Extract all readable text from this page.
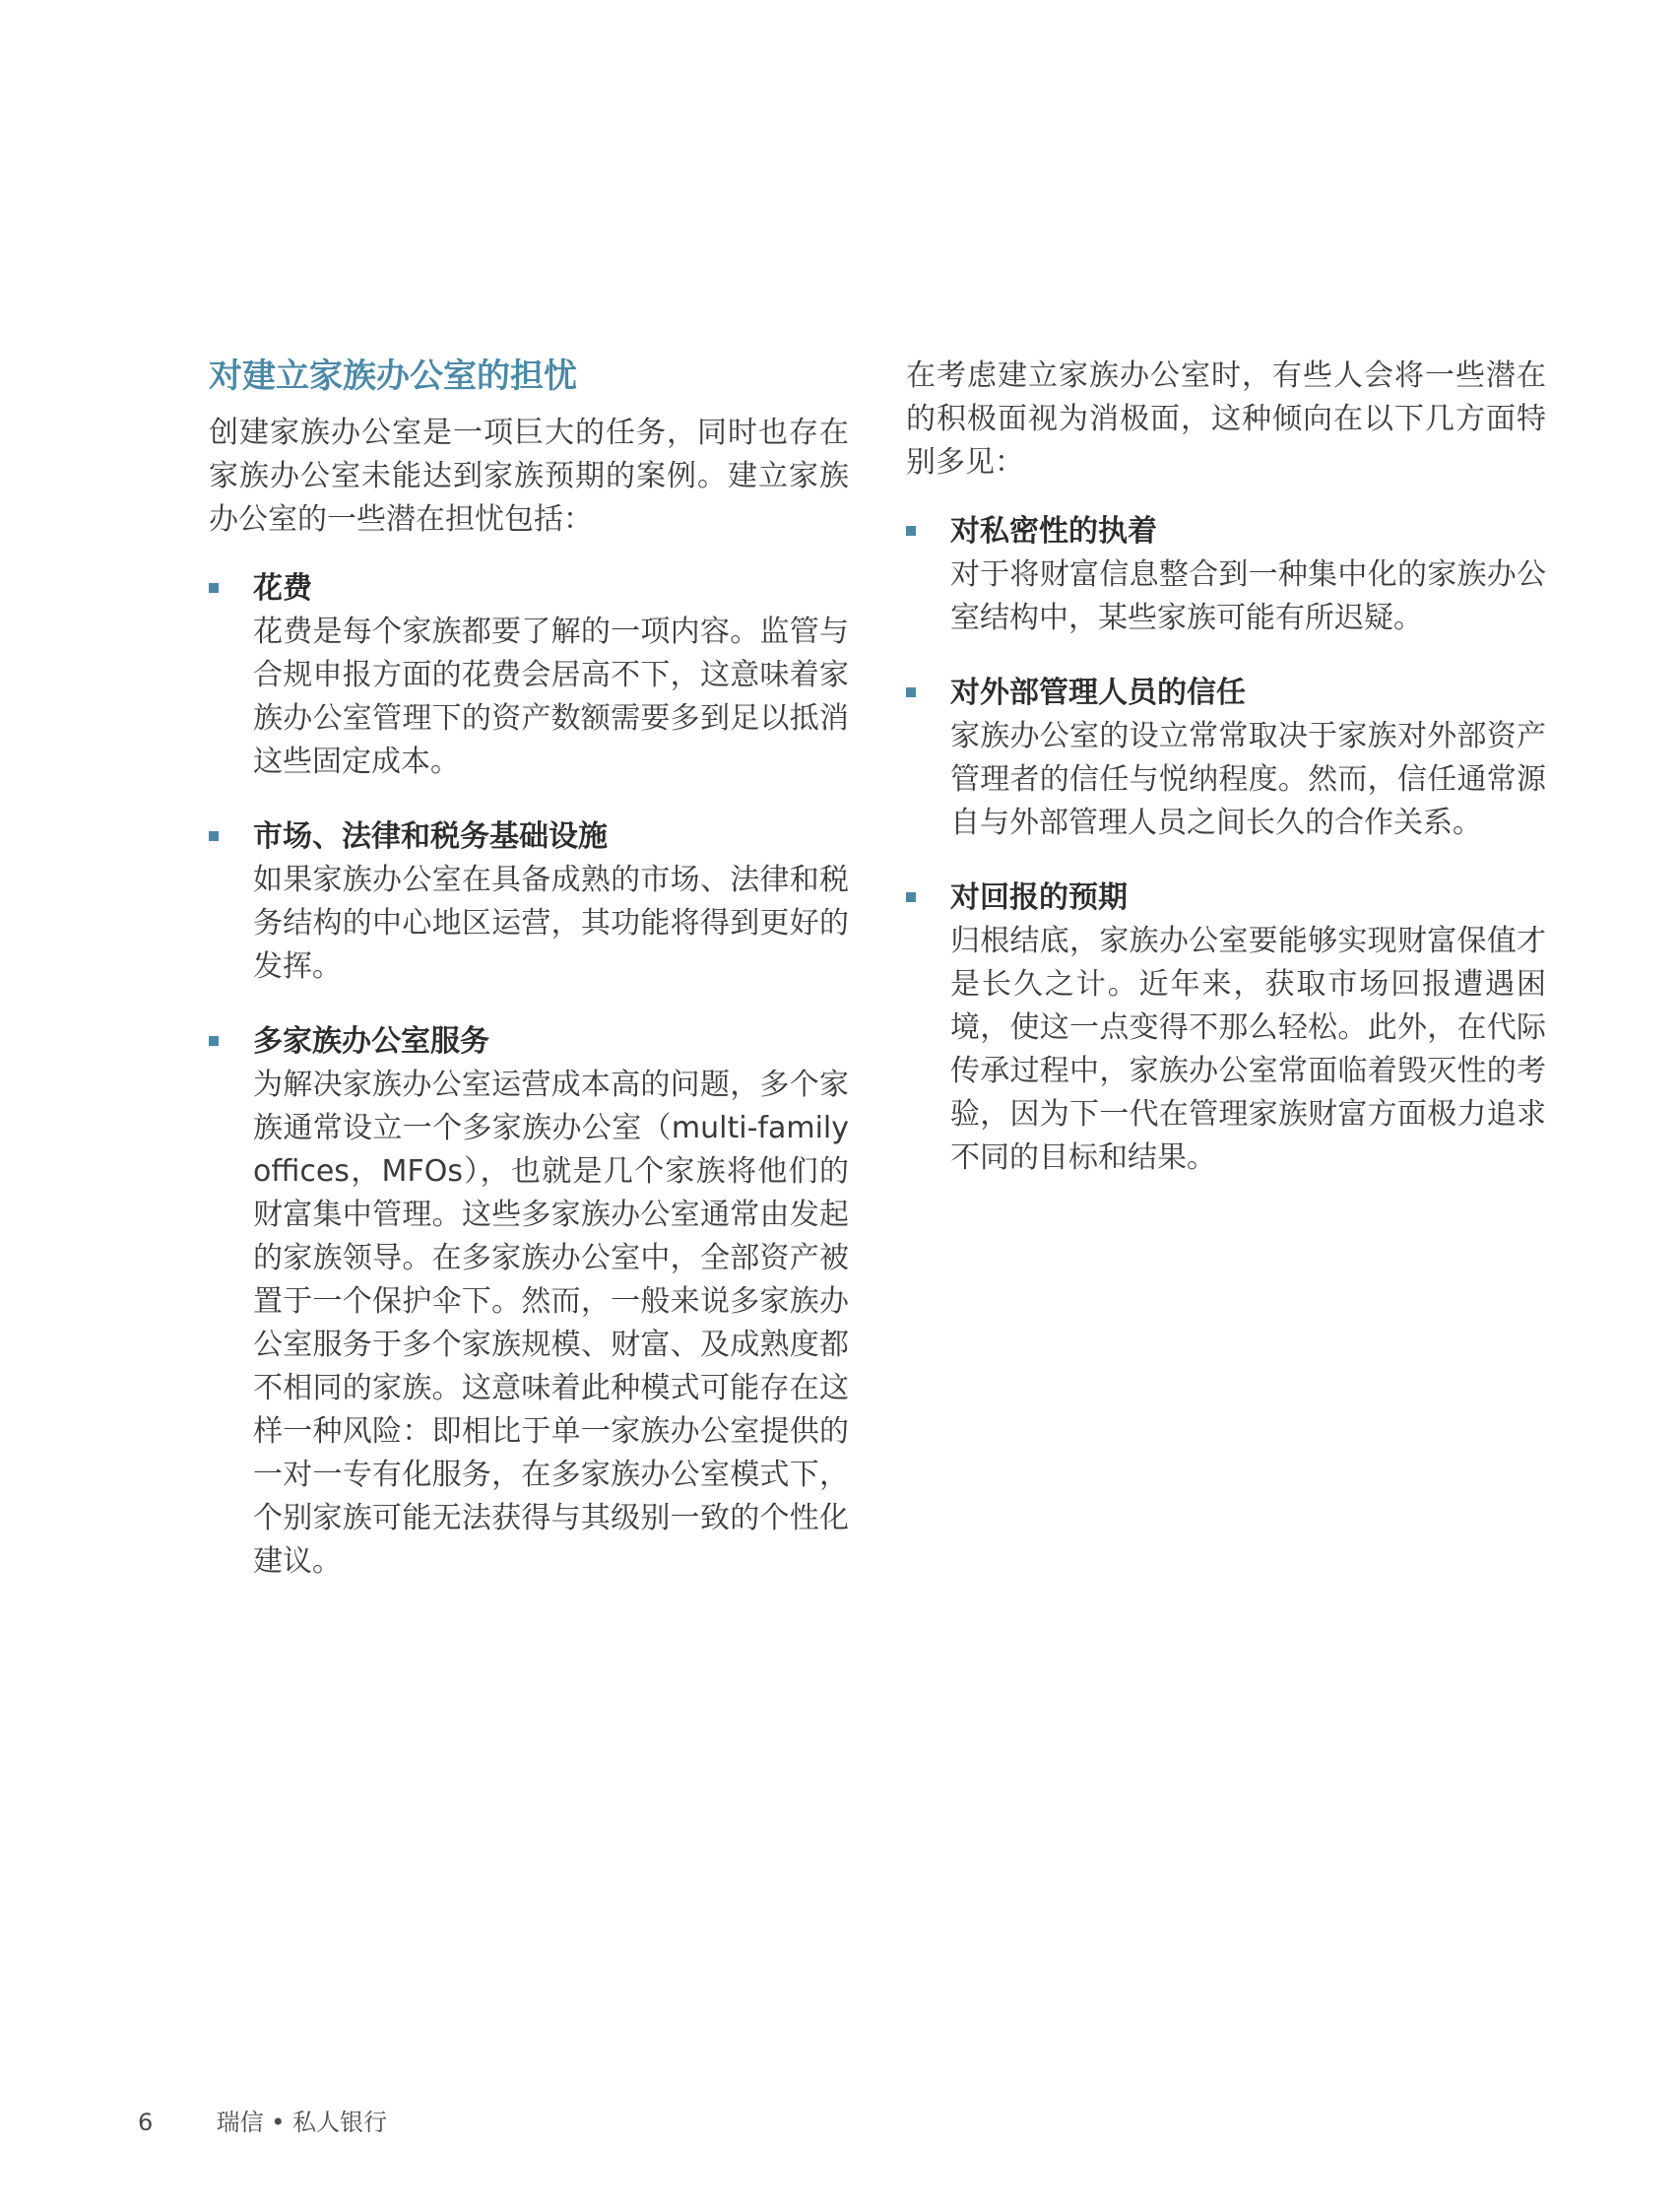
对建立家族办公室的担忧

创建家族办公室是一项巨大的任务，同时也存在家族办公室未能达到家族预期的案例。建立家族办公室的一些潜在担忧包括：

花费
花费是每个家族都要了解的一项内容。监管与合规申报方面的花费会居高不下，这意味着家族办公室管理下的资产数额需要多到足以抵消这些固定成本。
市场、法律和税务基础设施
如果家族办公室在具备成熟的市场、法律和税务结构的中心地区运营，其功能将得到更好的发挥。
多家族办公室服务
为解决家族办公室运营成本高的问题，多个家族通常设立一个多家族办公室（multi-family offices，MFOs），也就是几个家族将他们的财富集中管理。这些多家族办公室通常由发起的家族领导。在多家族办公室中，全部资产被置于一个保护伞下。然而，一般来说多家族办公室服务于多个家族规模、财富、及成熟度都不相同的家族。这意味着此种模式可能存在这样一种风险：即相比于单一家族办公室提供的一对一专有化服务，在多家族办公室模式下，个别家族可能无法获得与其级别一致的个性化建议。

在考虑建立家族办公室时，有些人会将一些潜在的积极面视为消极面，这种倾向在以下几方面特别多见：

对私密性的执着
对于将财富信息整合到一种集中化的家族办公室结构中，某些家族可能有所迟疑。
对外部管理人员的信任
家族办公室的设立常常取决于家族对外部资产管理者的信任与悦纳程度。然而，信任通常源自与外部管理人员之间长久的合作关系。
对回报的预期
归根结底，家族办公室要能够实现财富保值才是长久之计。近年来，获取市场回报遭遇困境，使这一点变得不那么轻松。此外，在代际传承过程中，家族办公室常面临着毁灭性的考验，因为下一代在管理家族财富方面极力追求不同的目标和结果。
6	瑞信 • 私人银行
